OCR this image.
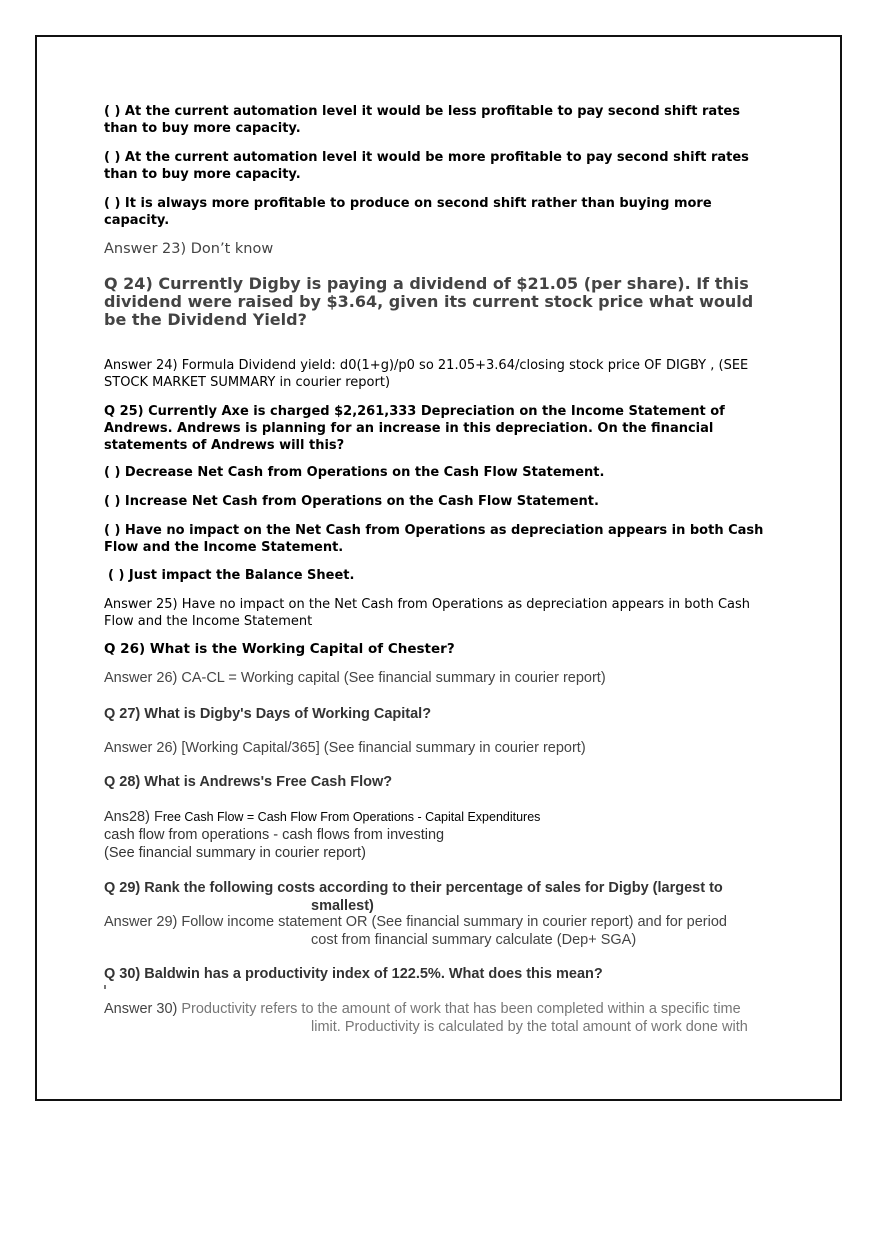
( ) At the current automation level it would be less profitable to pay second shift rates than to buy more capacity.

( ) At the current automation level it would be more profitable to pay second shift rates than to buy more capacity.

( ) It is always more profitable to produce on second shift rather than buying more capacity.

Answer 23) Don’t know

Q 24) Currently Digby is paying a dividend of $21.05 (per share). If this dividend were raised by $3.64, given its current stock price what would be the Dividend Yield?

Answer 24) Formula Dividend yield: d0(1+g)/p0 so 21.05+3.64/closing stock price OF DIGBY , (SEE STOCK MARKET SUMMARY in courier report)

Q 25) Currently Axe is charged $2,261,333 Depreciation on the Income Statement of Andrews. Andrews is planning for an increase in this depreciation. On the financial statements of Andrews will this?

( ) Decrease Net Cash from Operations on the Cash Flow Statement.

( ) Increase Net Cash from Operations on the Cash Flow Statement.

( ) Have no impact on the Net Cash from Operations as depreciation appears in both Cash Flow and the Income Statement.

( ) Just impact the Balance Sheet.

Answer 25) Have no impact on the Net Cash from Operations as depreciation appears in both Cash Flow and the Income Statement

Q 26) What is the Working Capital of Chester?

Answer 26) CA-CL = Working capital (See financial summary in courier report)

Q 27) What is Digby's Days of Working Capital?

Answer 26) [Working Capital/365] (See financial summary in courier report)

Q 28) What is Andrews's Free Cash Flow?

Ans28) Free Cash Flow = Cash Flow From Operations - Capital Expenditures
cash flow from operations - cash flows from investing
(See financial summary in courier report)
Q 29) Rank the following costs according to their percentage of sales for Digby (largest to
smallest)
Answer 29) Follow income statement OR (See financial summary in courier report) and for period
cost from financial summary calculate (Dep+ SGA)

Q 30) Baldwin has a productivity index of 122.5%. What does this mean?

Answer 30) Productivity refers to the amount of work that has been completed within a specific time
limit. Productivity is calculated by the total amount of work done with
